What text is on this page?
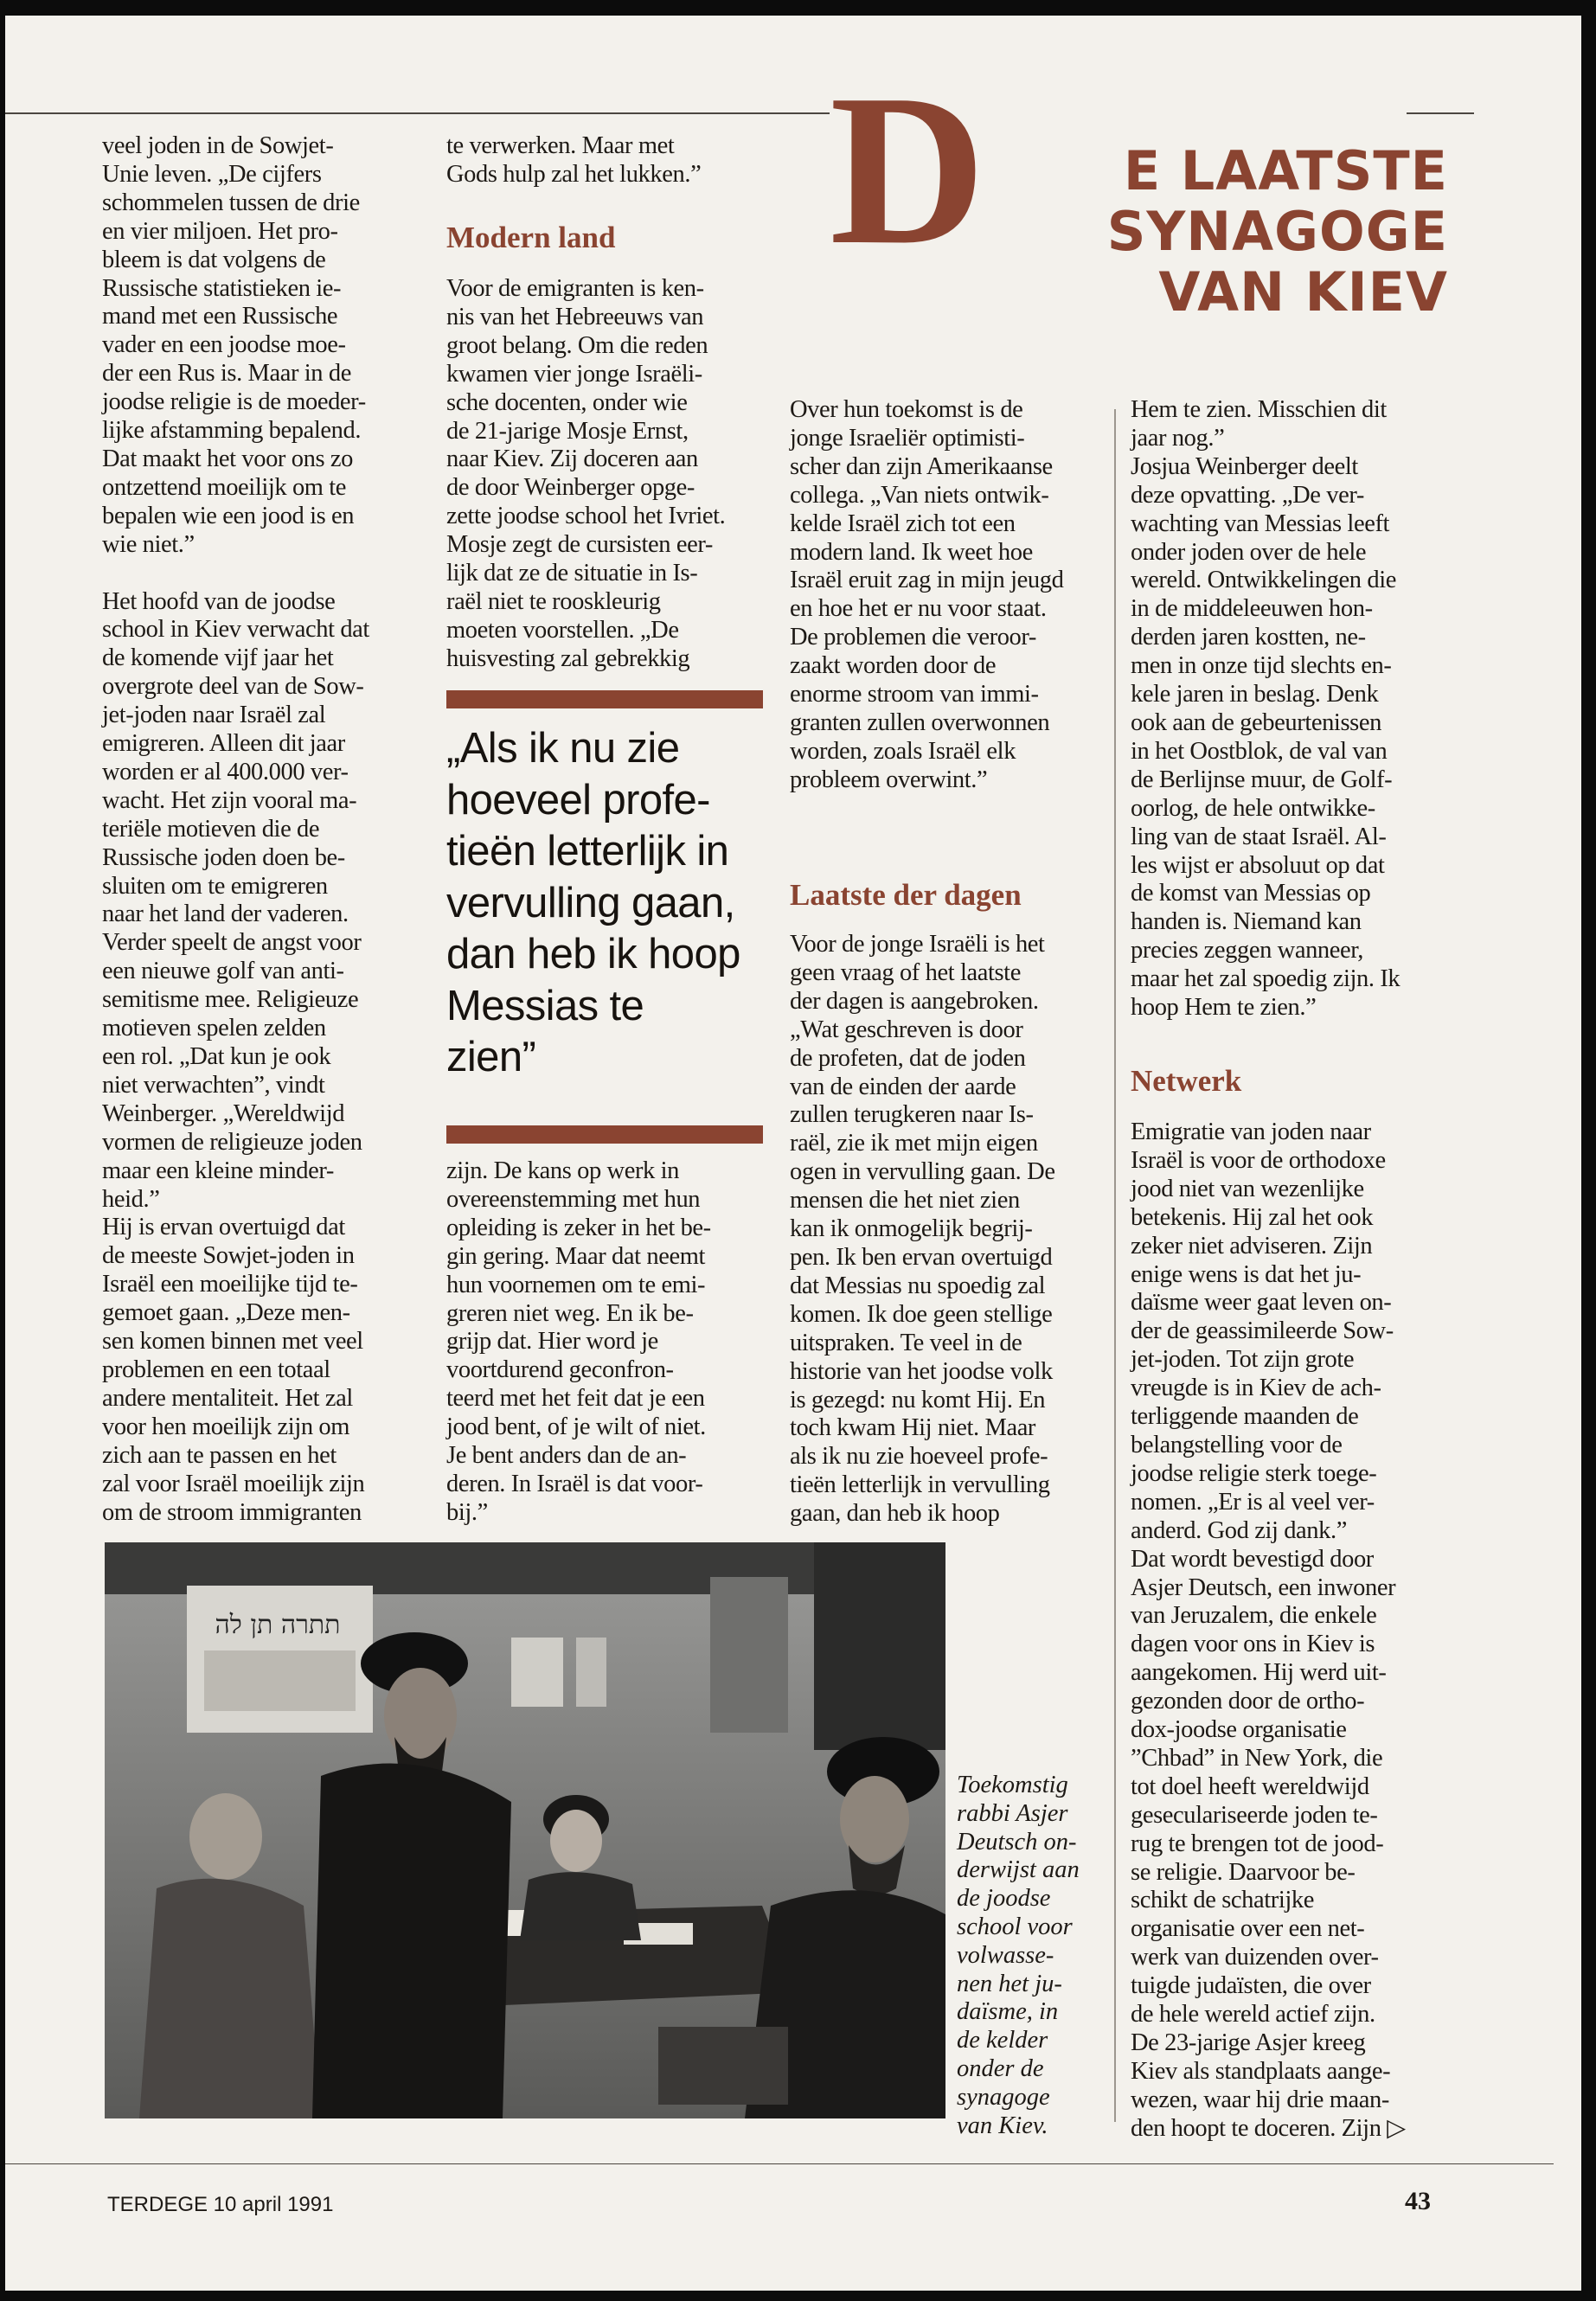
D	E LAATSTE
SYNAGOGE
VAN KIEV
veel joden in de Sowjet-
Unie leven. „De cijfers
schommelen tussen de drie
en vier miljoen. Het pro-
bleem is dat volgens de
Russische statistieken ie-
mand met een Russische
vader en een joodse moe-
der een Rus is. Maar in de
joodse religie is de moeder-
lijke afstamming bepalend.
Dat maakt het voor ons zo
ontzettend moeilijk om te
bepalen wie een jood is en
wie niet.”

Het hoofd van de joodse
school in Kiev verwacht dat
de komende vijf jaar het
overgrote deel van de Sow-
jet-joden naar Israël zal
emigreren. Alleen dit jaar
worden er al 400.000 ver-
wacht. Het zijn vooral ma-
teriële motieven die de
Russische joden doen be-
sluiten om te emigreren
naar het land der vaderen.
Verder speelt de angst voor
een nieuwe golf van anti-
semitisme mee. Religieuze
motieven spelen zelden
een rol. „Dat kun je ook
niet verwachten”, vindt
Weinberger. „Wereldwijd
vormen de religieuze joden
maar een kleine minder-
heid.”
Hij is ervan overtuigd dat
de meeste Sowjet-joden in
Israël een moeilijke tijd te-
gemoet gaan. „Deze men-
sen komen binnen met veel
problemen en een totaal
andere mentaliteit. Het zal
voor hen moeilijk zijn om
zich aan te passen en het
zal voor Israël moeilijk zijn
om de stroom immigranten
te verwerken. Maar met
Gods hulp zal het lukken.”
Modern land
Voor de emigranten is ken-
nis van het Hebreeuws van
groot belang. Om die reden
kwamen vier jonge Israëli-
sche docenten, onder wie
de 21-jarige Mosje Ernst,
naar Kiev. Zij doceren aan
de door Weinberger opge-
zette joodse school het Ivriet.
Mosje zegt de cursisten eer-
lijk dat ze de situatie in Is-
raël niet te rooskleurig
moeten voorstellen. „De
huisvesting zal gebrekkig
„Als ik nu zie
hoeveel profe-
tieën letterlijk in
vervulling gaan,
dan heb ik hoop
Messias te
zien”
zijn. De kans op werk in
overeenstemming met hun
opleiding is zeker in het be-
gin gering. Maar dat neemt
hun voornemen om te emi-
greren niet weg. En ik be-
grijp dat. Hier word je
voortdurend geconfron-
teerd met het feit dat je een
jood bent, of je wilt of niet.
Je bent anders dan de an-
deren. In Israël is dat voor-
bij.”
Over hun toekomst is de
jonge Israeliër optimisti-
scher dan zijn Amerikaanse
collega. „Van niets ontwik-
kelde Israël zich tot een
modern land. Ik weet hoe
Israël eruit zag in mijn jeugd
en hoe het er nu voor staat.
De problemen die veroor-
zaakt worden door de
enorme stroom van immi-
granten zullen overwonnen
worden, zoals Israël elk
probleem overwint.”
Laatste der dagen
Voor de jonge Israëli is het
geen vraag of het laatste
der dagen is aangebroken.
„Wat geschreven is door
de profeten, dat de joden
van de einden der aarde
zullen terugkeren naar Is-
raël, zie ik met mijn eigen
ogen in vervulling gaan. De
mensen die het niet zien
kan ik onmogelijk begrij-
pen. Ik ben ervan overtuigd
dat Messias nu spoedig zal
komen. Ik doe geen stellige
uitspraken. Te veel in de
historie van het joodse volk
is gezegd: nu komt Hij. En
toch kwam Hij niet. Maar
als ik nu zie hoeveel profe-
tieën letterlijk in vervulling
gaan, dan heb ik hoop
Hem te zien. Misschien dit
jaar nog.”
Josjua Weinberger deelt
deze opvatting. „De ver-
wachting van Messias leeft
onder joden over de hele
wereld. Ontwikkelingen die
in de middeleeuwen hon-
derden jaren kostten, ne-
men in onze tijd slechts en-
kele jaren in beslag. Denk
ook aan de gebeurtenissen
in het Oostblok, de val van
de Berlijnse muur, de Golf-
oorlog, de hele ontwikke-
ling van de staat Israël. Al-
les wijst er absoluut op dat
de komst van Messias op
handen is. Niemand kan
precies zeggen wanneer,
maar het zal spoedig zijn. Ik
hoop Hem te zien.”
Netwerk
Emigratie van joden naar
Israël is voor de orthodoxe
jood niet van wezenlijke
betekenis. Hij zal het ook
zeker niet adviseren. Zijn
enige wens is dat het ju-
daïsme weer gaat leven on-
der de geassimileerde Sow-
jet-joden. Tot zijn grote
vreugde is in Kiev de ach-
terliggende maanden de
belangstelling voor de
joodse religie sterk toege-
nomen. „Er is al veel ver-
anderd. God zij dank.”
Dat wordt bevestigd door
Asjer Deutsch, een inwoner
van Jeruzalem, die enkele
dagen voor ons in Kiev is
aangekomen. Hij werd uit-
gezonden door de ortho-
dox-joodse organisatie
”Chbad” in New York, die
tot doel heeft wereldwijd
geseculariseerde joden te-
rug te brengen tot de jood-
se religie. Daarvoor be-
schikt de schatrijke
organisatie over een net-
werk van duizenden over-
tuigde judaïsten, die over
de hele wereld actief zijn.
De 23-jarige Asjer kreeg
Kiev als standplaats aange-
wezen, waar hij drie maan-
den hoopt te doceren. Zijn ▷
תתרה תן לה
Toekomstig
rabbi Asjer
Deutsch on-
derwijst aan
de joodse
school voor
volwasse-
nen het ju-
daïsme, in
de kelder
onder de
synagoge
van Kiev.
TERDEGE 10 april 1991	43
